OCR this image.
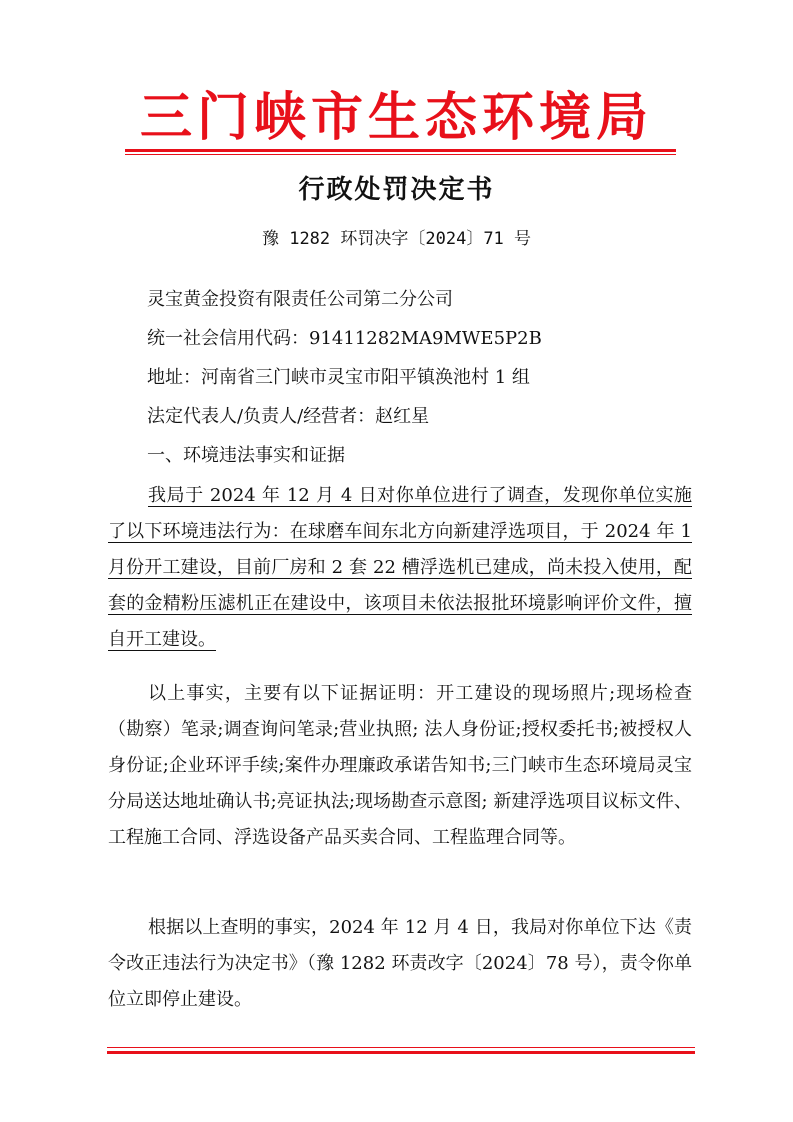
三门峡市生态环境局
行政处罚决定书
豫 1282 环罚决字〔2024〕71 号
灵宝黄金投资有限责任公司第二分公司
统一社会信用代码：91411282MA9MWE5P2B
地址：河南省三门峡市灵宝市阳平镇涣池村 1 组
法定代表人/负责人/经营者：赵红星
一、环境违法事实和证据

我局于 2024 年 12 月 4 日对你单位进行了调查，发现你单位实施了以下环境违法行为：在球磨车间东北方向新建浮选项目，于 2024 年 1 月份开工建设，目前厂房和 2 套 22 槽浮选机已建成，尚未投入使用，配套的金精粉压滤机正在建设中，该项目未依法报批环境影响评价文件，擅自开工建设。

以上事实，主要有以下证据证明：开工建设的现场照片;现场检查（勘察）笔录;调查询问笔录;营业执照; 法人身份证;授权委托书;被授权人身份证;企业环评手续;案件办理廉政承诺告知书;三门峡市生态环境局灵宝分局送达地址确认书;亮证执法;现场勘查示意图; 新建浮选项目议标文件、工程施工合同、浮选设备产品买卖合同、工程监理合同等。

根据以上查明的事实，2024 年 12 月 4 日，我局对你单位下达《责令改正违法行为决定书》（豫 1282 环责改字〔2024〕78 号），责令你单位立即停止建设。
